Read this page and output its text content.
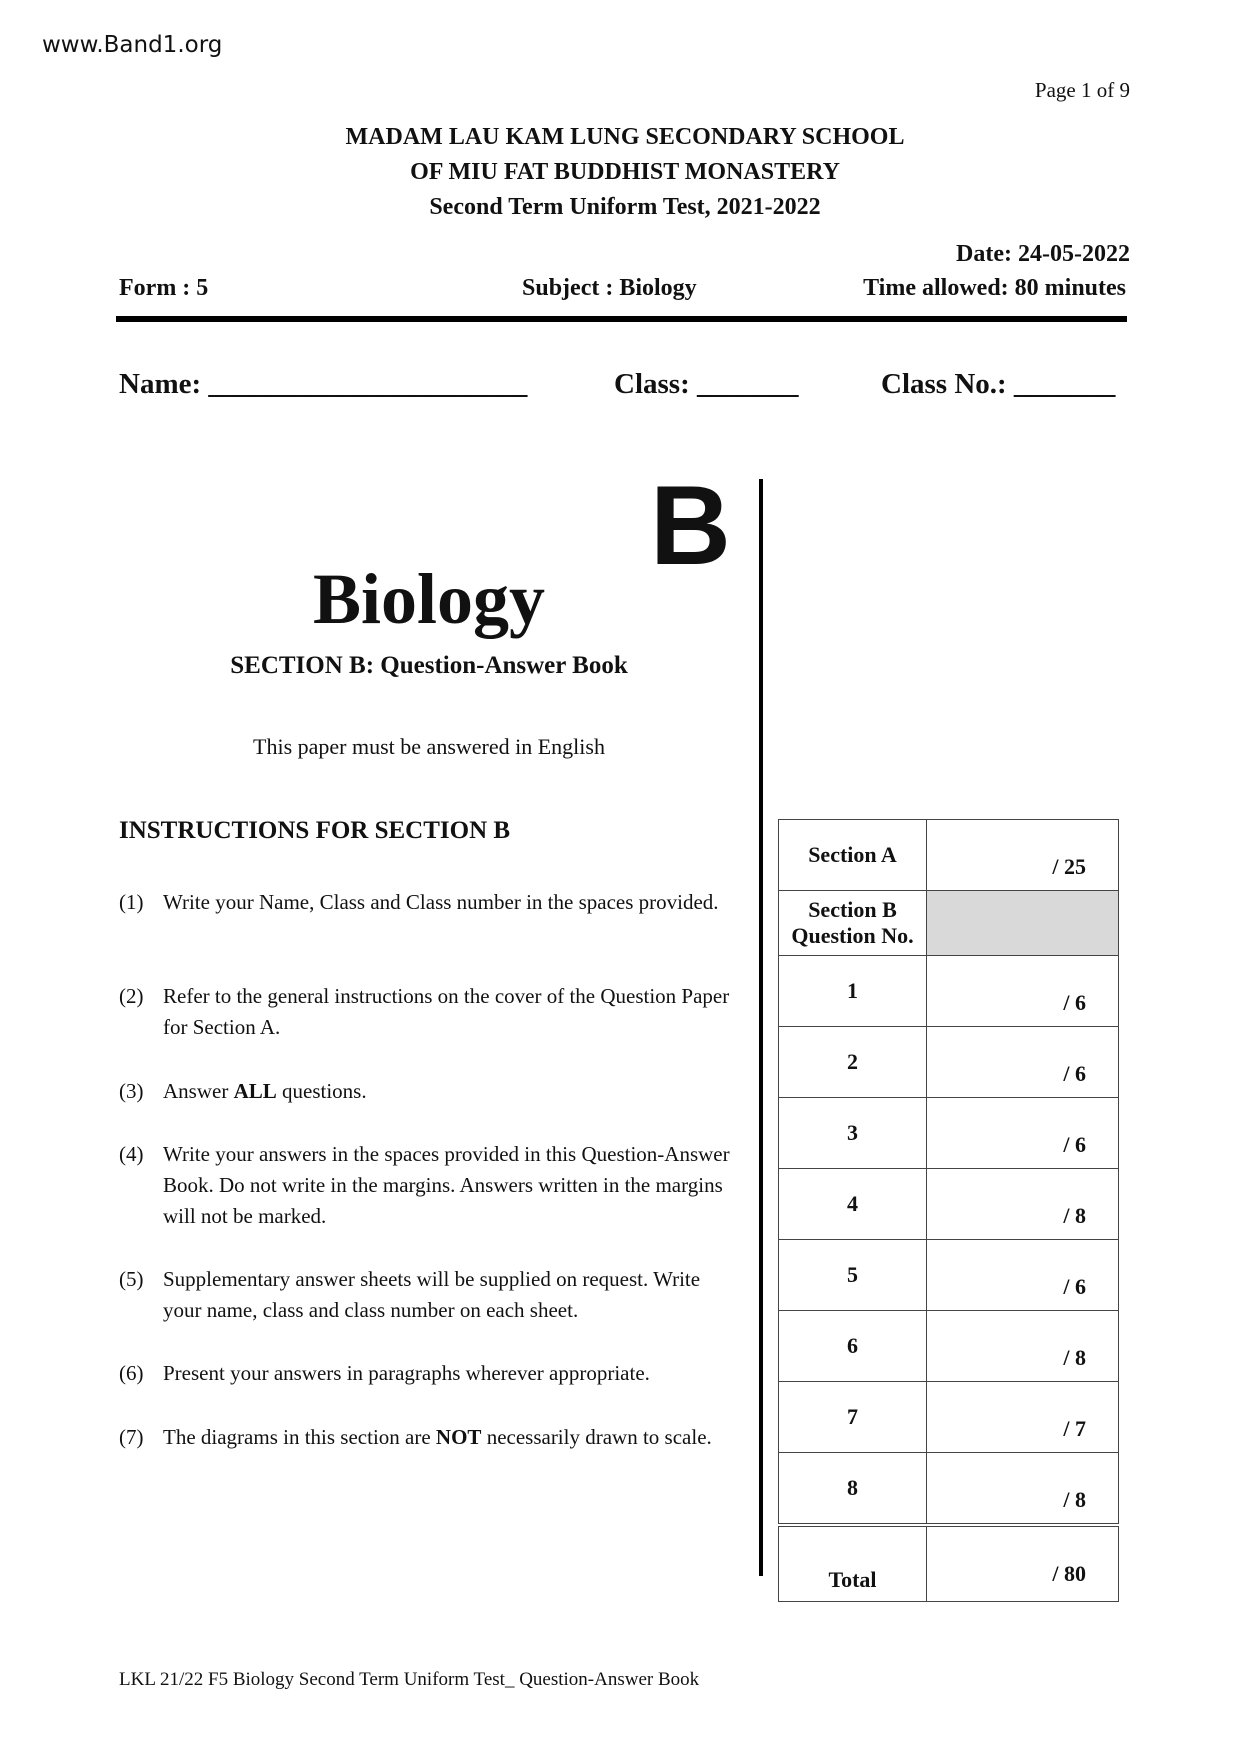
www.Band1.org
Page 1 of 9
MADAM LAU KAM LUNG SECONDARY SCHOOL
OF MIU FAT BUDDHIST MONASTERY
Second Term Uniform Test, 2021-2022
Date: 24-05-2022
Form : 5	Subject : Biology	Time allowed: 80 minutes
Name: ______________________	Class: _______	Class No.: _______
B
Biology
SECTION B: Question-Answer Book
This paper must be answered in English
INSTRUCTIONS FOR SECTION B
(1) Write your Name, Class and Class number in the spaces provided.
(2) Refer to the general instructions on the cover of the Question Paper for Section A.
(3) Answer ALL questions.
(4) Write your answers in the spaces provided in this Question-Answer Book. Do not write in the margins. Answers written in the margins will not be marked.
(5) Supplementary answer sheets will be supplied on request. Write your name, class and class number on each sheet.
(6) Present your answers in paragraphs wherever appropriate.
(7) The diagrams in this section are NOT necessarily drawn to scale.
Section A	/ 25
Section B Question No.	
1	/ 6
2	/ 6
3	/ 6
4	/ 8
5	/ 6
6	/ 8
7	/ 7
8	/ 8
Total	/ 80
LKL 21/22 F5 Biology Second Term Uniform Test_ Question-Answer Book
